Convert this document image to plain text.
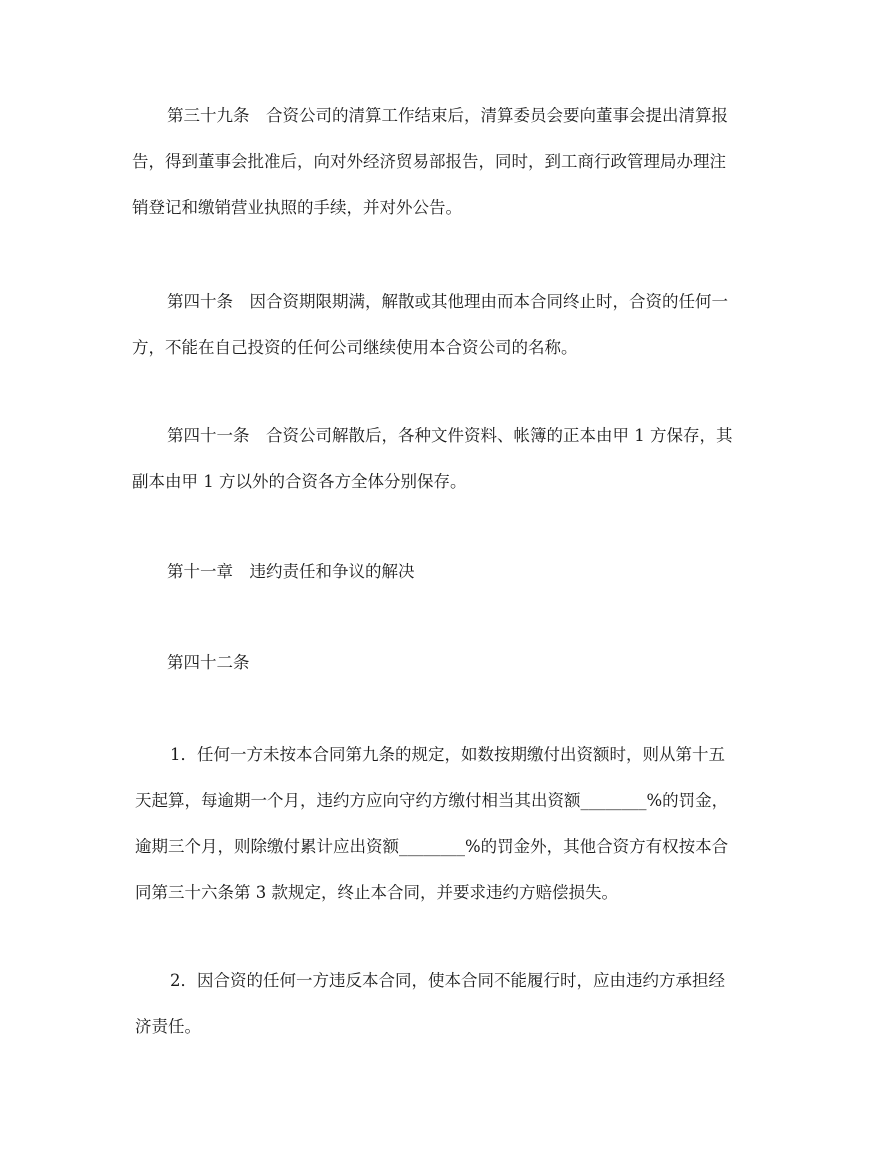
第三十九条　合资公司的清算工作结束后，清算委员会要向董事会提出清算报
告，得到董事会批准后，向对外经济贸易部报告，同时，到工商行政管理局办理注
销登记和缴销营业执照的手续，并对外公告。

第四十条　因合资期限期满，解散或其他理由而本合同终止时，合资的任何一
方，不能在自己投资的任何公司继续使用本合资公司的名称。

第四十一条　合资公司解散后，各种文件资料、帐簿的正本由甲 1 方保存，其
副本由甲 1 方以外的合资各方全体分别保存。

第十一章　违约责任和争议的解决

第四十二条

1．任何一方未按本合同第九条的规定，如数按期缴付出资额时，则从第十五
天起算，每逾期一个月，违约方应向守约方缴付相当其出资额________%的罚金，
逾期三个月，则除缴付累计应出资额________%的罚金外，其他合资方有权按本合
同第三十六条第 3 款规定，终止本合同，并要求违约方赔偿损失。

2．因合资的任何一方违反本合同，使本合同不能履行时，应由违约方承担经
济责任。
